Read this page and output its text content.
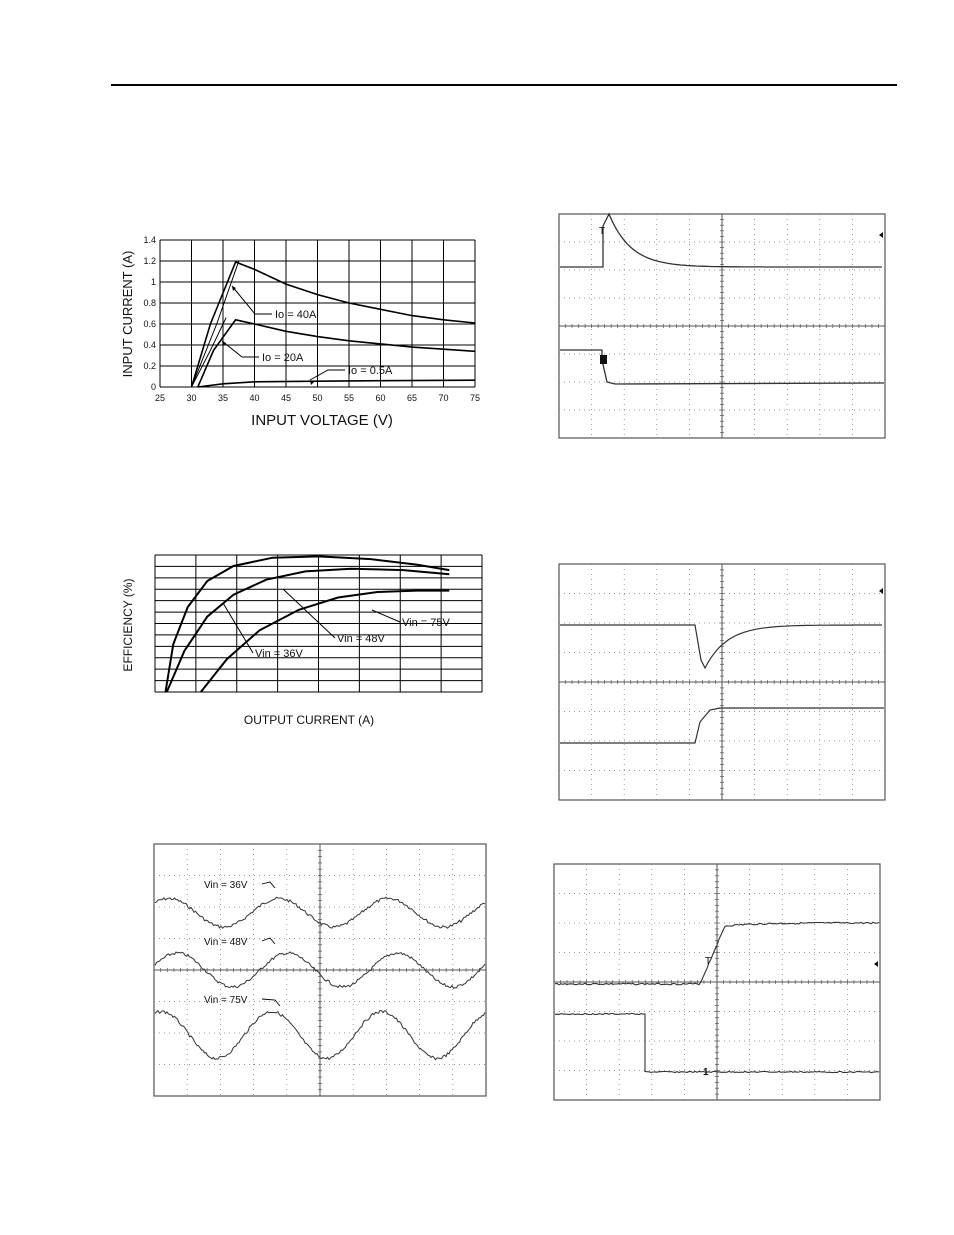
25 30 35 40 45 50 55 60 65 70 75
0
0.2
0.4
0.6
0.8
1
1.2
1.4
Io = 40A
Io = 20A
Io = 0.5A
INPUT VOLTAGE (V)
INPUT CURRENT (A)
Vin = 36V
Vin = 48V
Vin = 75V
OUTPUT CURRENT (A)
EFFICIENCY (%)
Vin = 36V
Vin = 48V
Vin = 75V
T
T
1
